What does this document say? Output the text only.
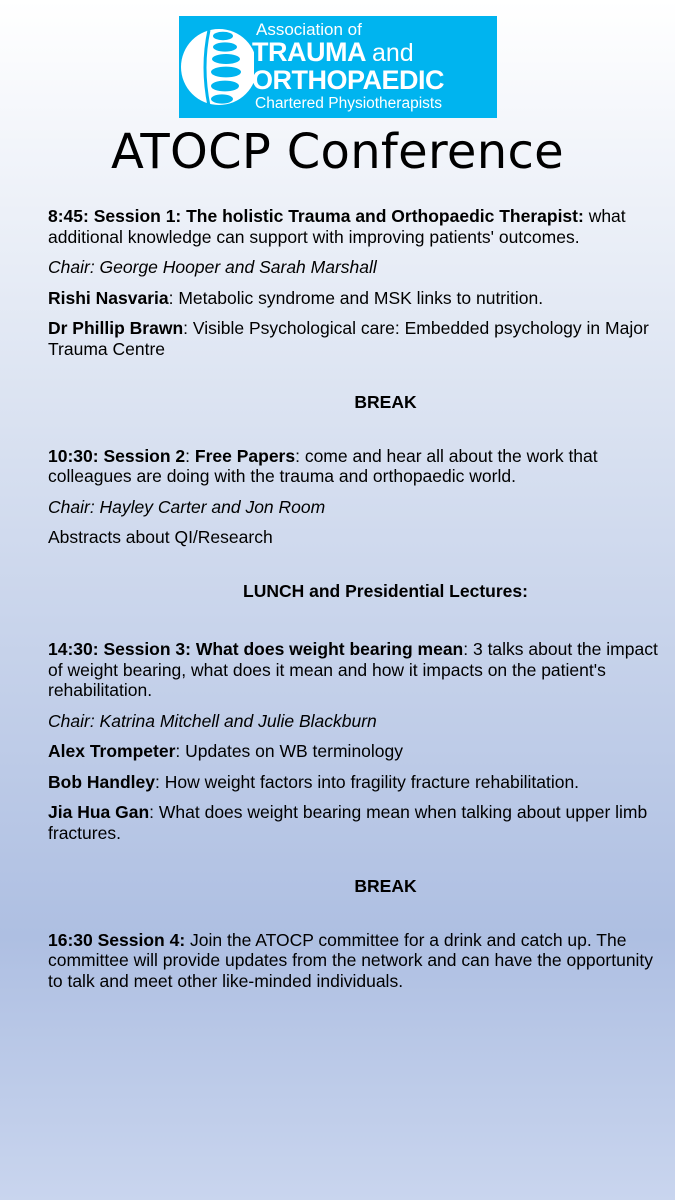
Association of
TRAUMA and
ORTHOPAEDIC
Chartered Physiotherapists
ATOCP Conference

8:45: Session 1: The holistic Trauma and Orthopaedic Therapist: what additional knowledge can support with improving patients' outcomes.

Chair: George Hooper and Sarah Marshall

Rishi Nasvaria: Metabolic syndrome and MSK links to nutrition.

Dr Phillip Brawn: Visible Psychological care: Embedded psychology in Major Trauma Centre

BREAK

10:30: Session 2: Free Papers: come and hear all about the work that colleagues are doing with the trauma and orthopaedic world.

Chair: Hayley Carter and Jon Room

Abstracts about QI/Research

LUNCH and Presidential Lectures:

14:30: Session 3: What does weight bearing mean: 3 talks about the impact of weight bearing, what does it mean and how it impacts on the patient's rehabilitation.

Chair: Katrina Mitchell and Julie Blackburn

Alex Trompeter: Updates on WB terminology

Bob Handley: How weight factors into fragility fracture rehabilitation.

Jia Hua Gan: What does weight bearing mean when talking about upper limb fractures.

BREAK

16:30 Session 4: Join the ATOCP committee for a drink and catch up. The committee will provide updates from the network and can have the opportunity to talk and meet other like-minded individuals.
